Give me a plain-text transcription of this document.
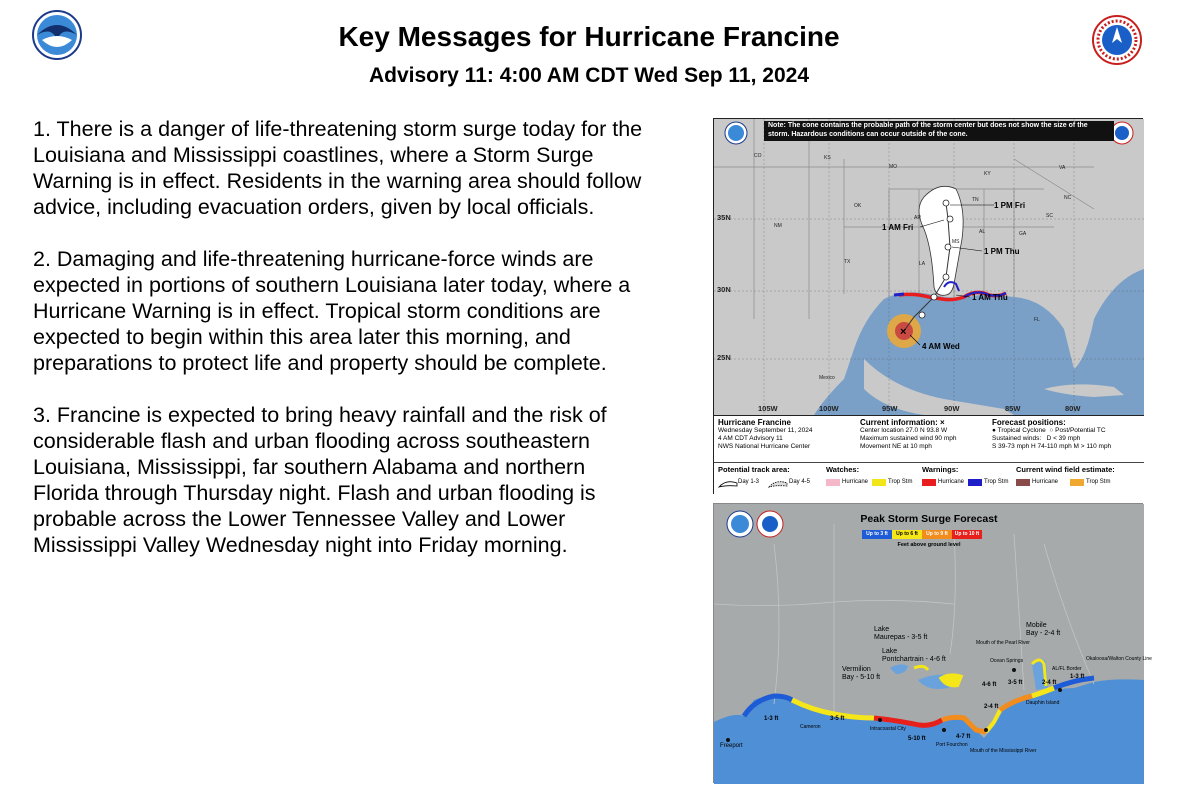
Key Messages for Hurricane Francine
Advisory 11: 4:00 AM CDT Wed Sep 11, 2024

1. There is a danger of life-threatening storm surge today for the Louisiana and Mississippi coastlines, where a Storm Surge Warning is in effect. Residents in the warning area should follow advice, including evacuation orders, given by local officials.

2. Damaging and life-threatening hurricane-force winds are expected in portions of southern Louisiana later today, where a Hurricane Warning is in effect. Tropical storm conditions are expected to begin within this area later this morning, and preparations to protect life and property should be complete.

3. Francine is expected to bring heavy rainfall and the risk of considerable flash and urban flooding across southeastern Louisiana, Mississippi, far southern Alabama and northern Florida through Thursday night. Flash and urban flooding is probable across the Lower Tennessee Valley and Lower Mississippi Valley Wednesday night into Friday morning.

×
Note: The cone contains the probable path of the storm center but does not show the size of the storm. Hazardous conditions can occur outside of the cone.
1 PM Fri
1 AM Fri
1 PM Thu
1 AM Thu
4 AM Wed
35N
30N
25N
105W	100W	95W	90W	85W	80W
CO	KS
MO
KY
VA
NC
OK
TN
AR	SC
NM
AL	GA
MS
TX	LA
FL
Mexico
Hurricane Francine
Wednesday September 11, 2024
4 AM CDT Advisory 11
NWS National Hurricane Center
Current information: ×
Center location 27.0 N 93.8 W
Maximum sustained wind 90 mph
Movement NE at 10 mph
Forecast positions:
● Tropical Cyclone ○ Post/Potential TC
Sustained winds: D < 39 mph
S 39-73 mph H 74-110 mph M > 110 mph
Potential track area:	Watches:	Warnings:	Current wind field estimate:
Day 1-3	Day 4-5	Hurricane	Trop Stm	Hurricane	Trop Stm	Hurricane	Trop Stm
Peak Storm Surge Forecast
Up to 3 ft	Up to 6 ft	Up to 9 ft	Up to 10 ft
Feet above ground level
Lake
Maurepas - 3-5 ft
Lake
Pontchartrain - 4-6 ft
Vermilion
Bay - 5-10 ft
Mobile
Bay - 2-4 ft
Freeport
1-3 ft	3-5 ft
5-10 ft	4-7 ft
2-4 ft
4-6 ft 3-5 ft	2-4 ft
1-3 ft
Port Fourchon
Intracoastal City
Cameron
Mouth of the Mississippi River
Mouth of the Pearl River
Ocean Springs
Dauphin Island
AL/FL Border
Okaloosa/Walton County Line
